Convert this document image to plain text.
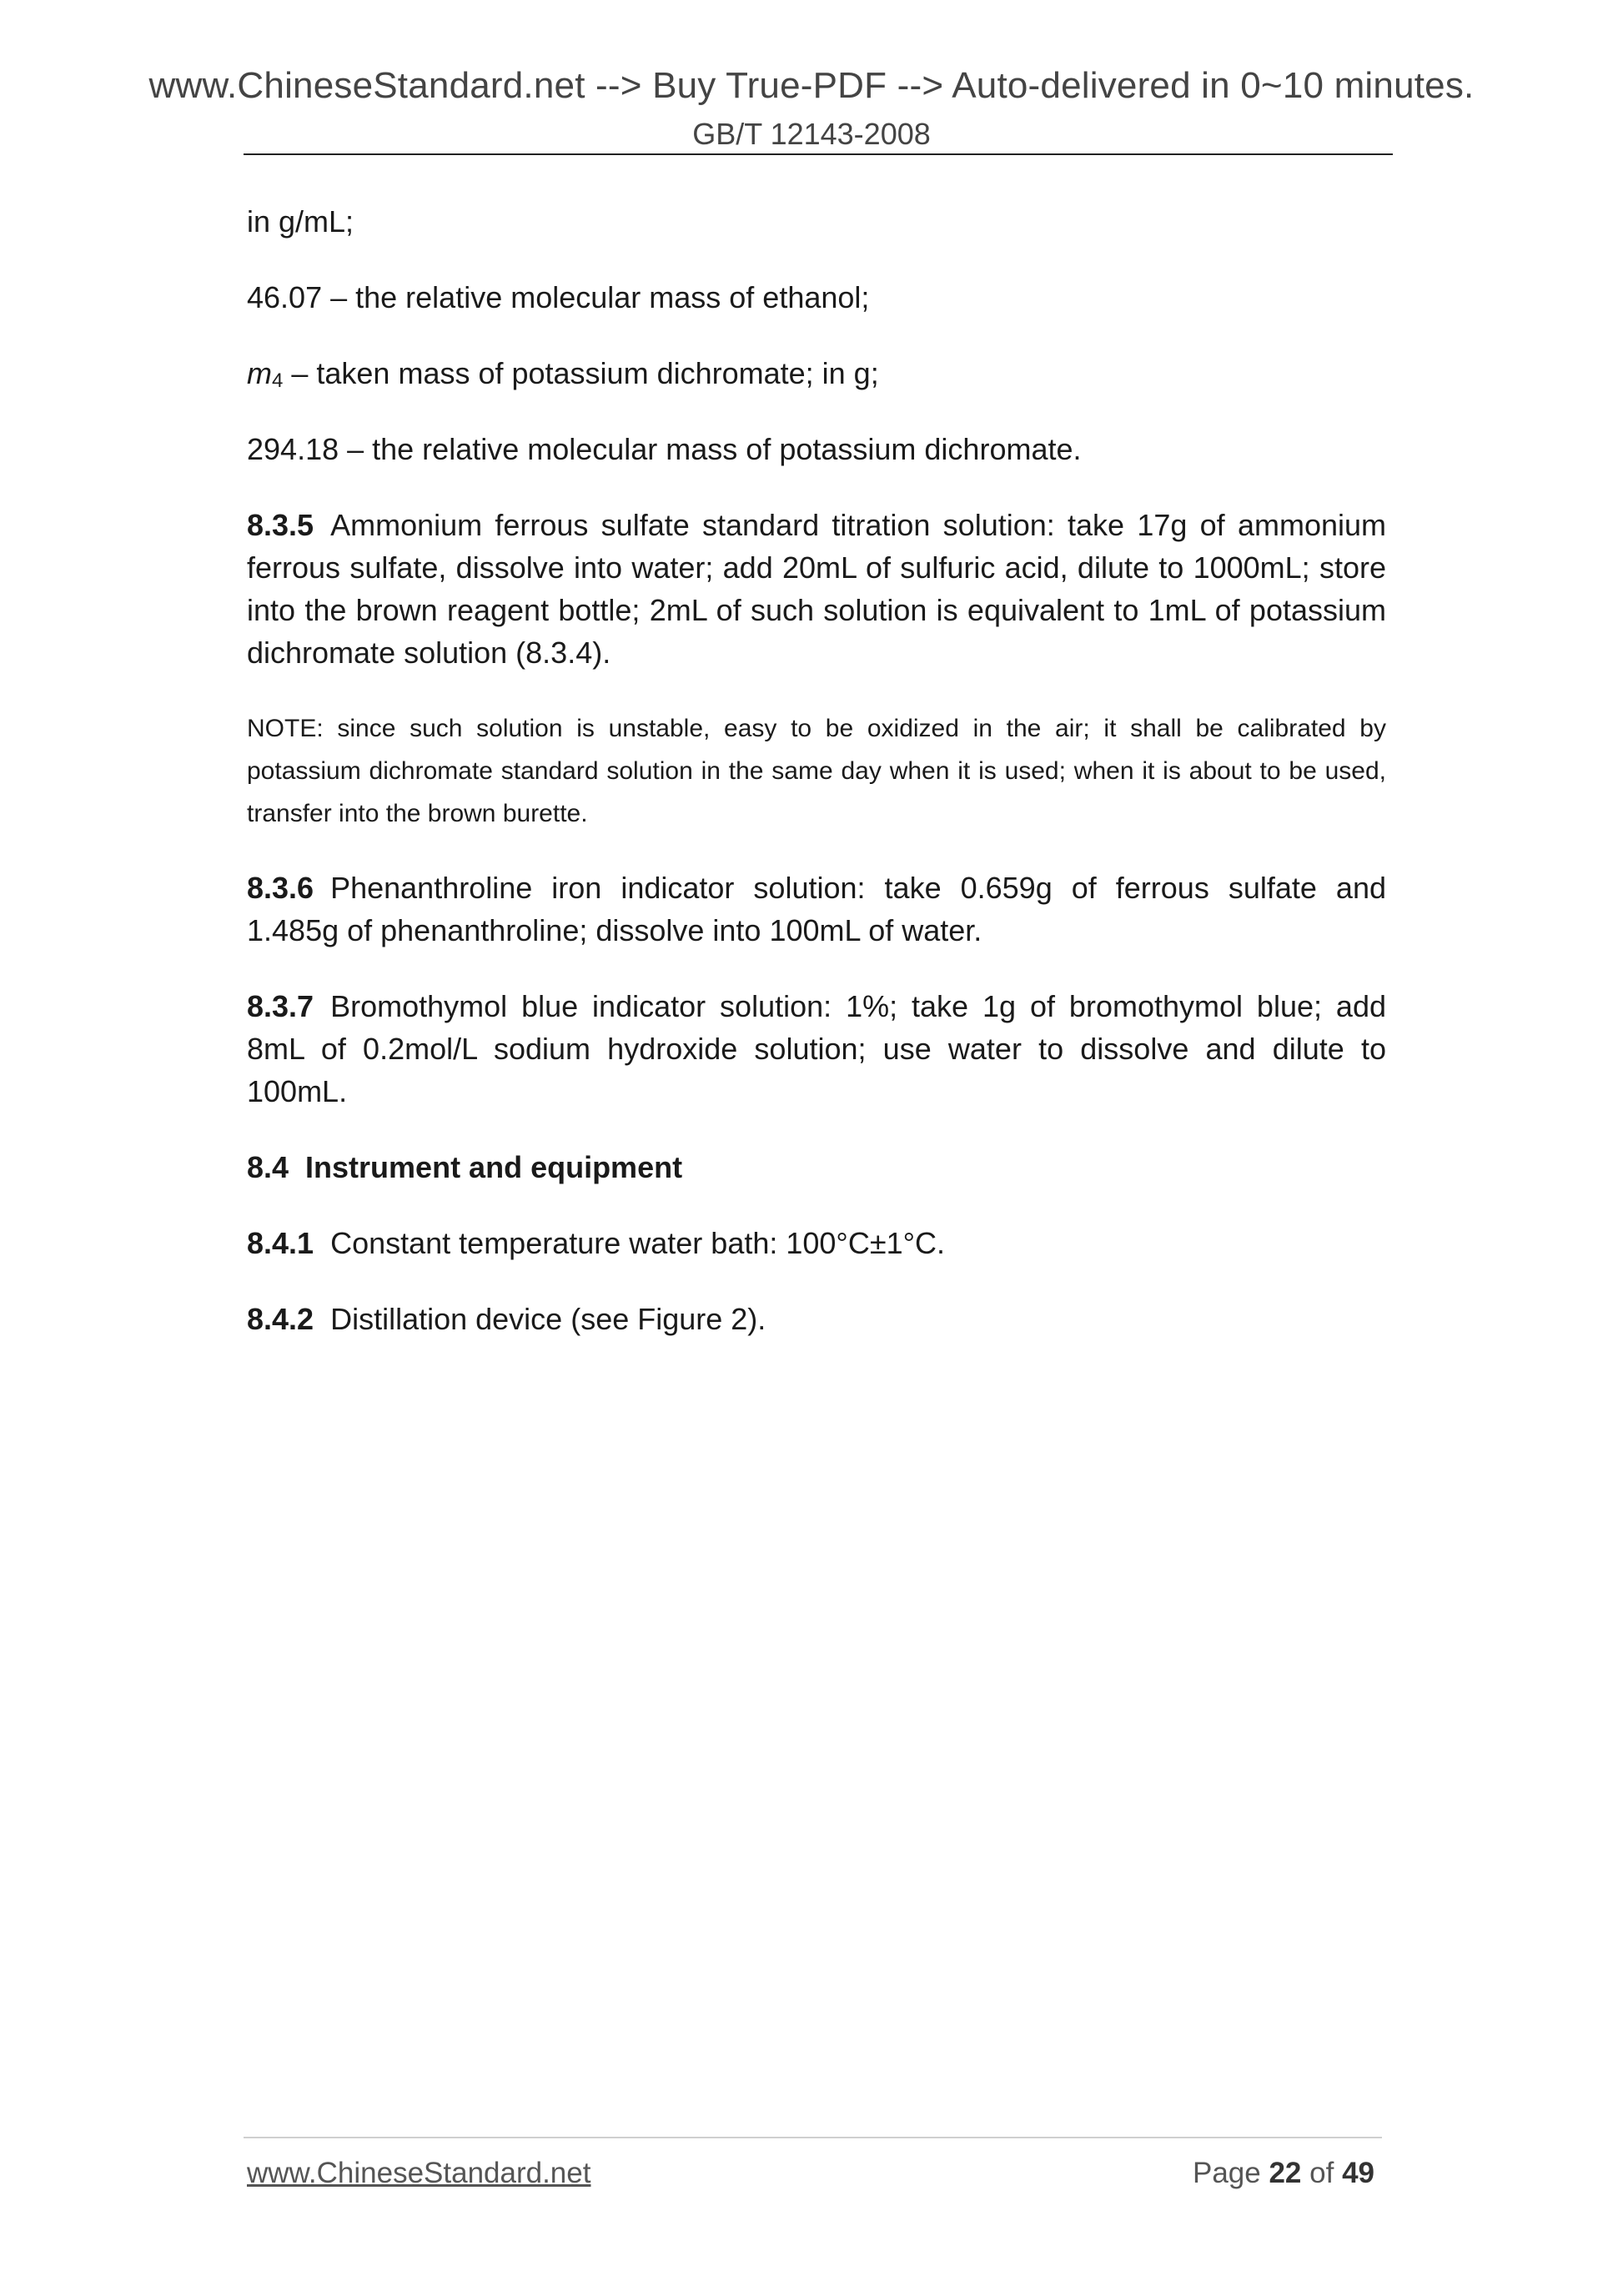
www.ChineseStandard.net --> Buy True-PDF --> Auto-delivered in 0~10 minutes.
GB/T 12143-2008

in g/mL;

46.07 – the relative molecular mass of ethanol;

$m_4$ – taken mass of potassium dichromate; in g;

294.18 – the relative molecular mass of potassium dichromate.

8.3.5 Ammonium ferrous sulfate standard titration solution: take 17g of ammonium ferrous sulfate, dissolve into water; add 20mL of sulfuric acid, dilute to 1000mL; store into the brown reagent bottle; 2mL of such solution is equivalent to 1mL of potassium dichromate solution (8.3.4).

NOTE: since such solution is unstable, easy to be oxidized in the air; it shall be calibrated by potassium dichromate standard solution in the same day when it is used; when it is about to be used, transfer into the brown burette.

8.3.6 Phenanthroline iron indicator solution: take 0.659g of ferrous sulfate and 1.485g of phenanthroline; dissolve into 100mL of water.

8.3.7 Bromothymol blue indicator solution: 1%; take 1g of bromothymol blue; add 8mL of 0.2mol/L sodium hydroxide solution; use water to dissolve and dilute to 100mL.

8.4 Instrument and equipment

8.4.1 Constant temperature water bath: 100°C±1°C.

8.4.2 Distillation device (see Figure 2).

www.ChineseStandard.net	Page 22 of 49
